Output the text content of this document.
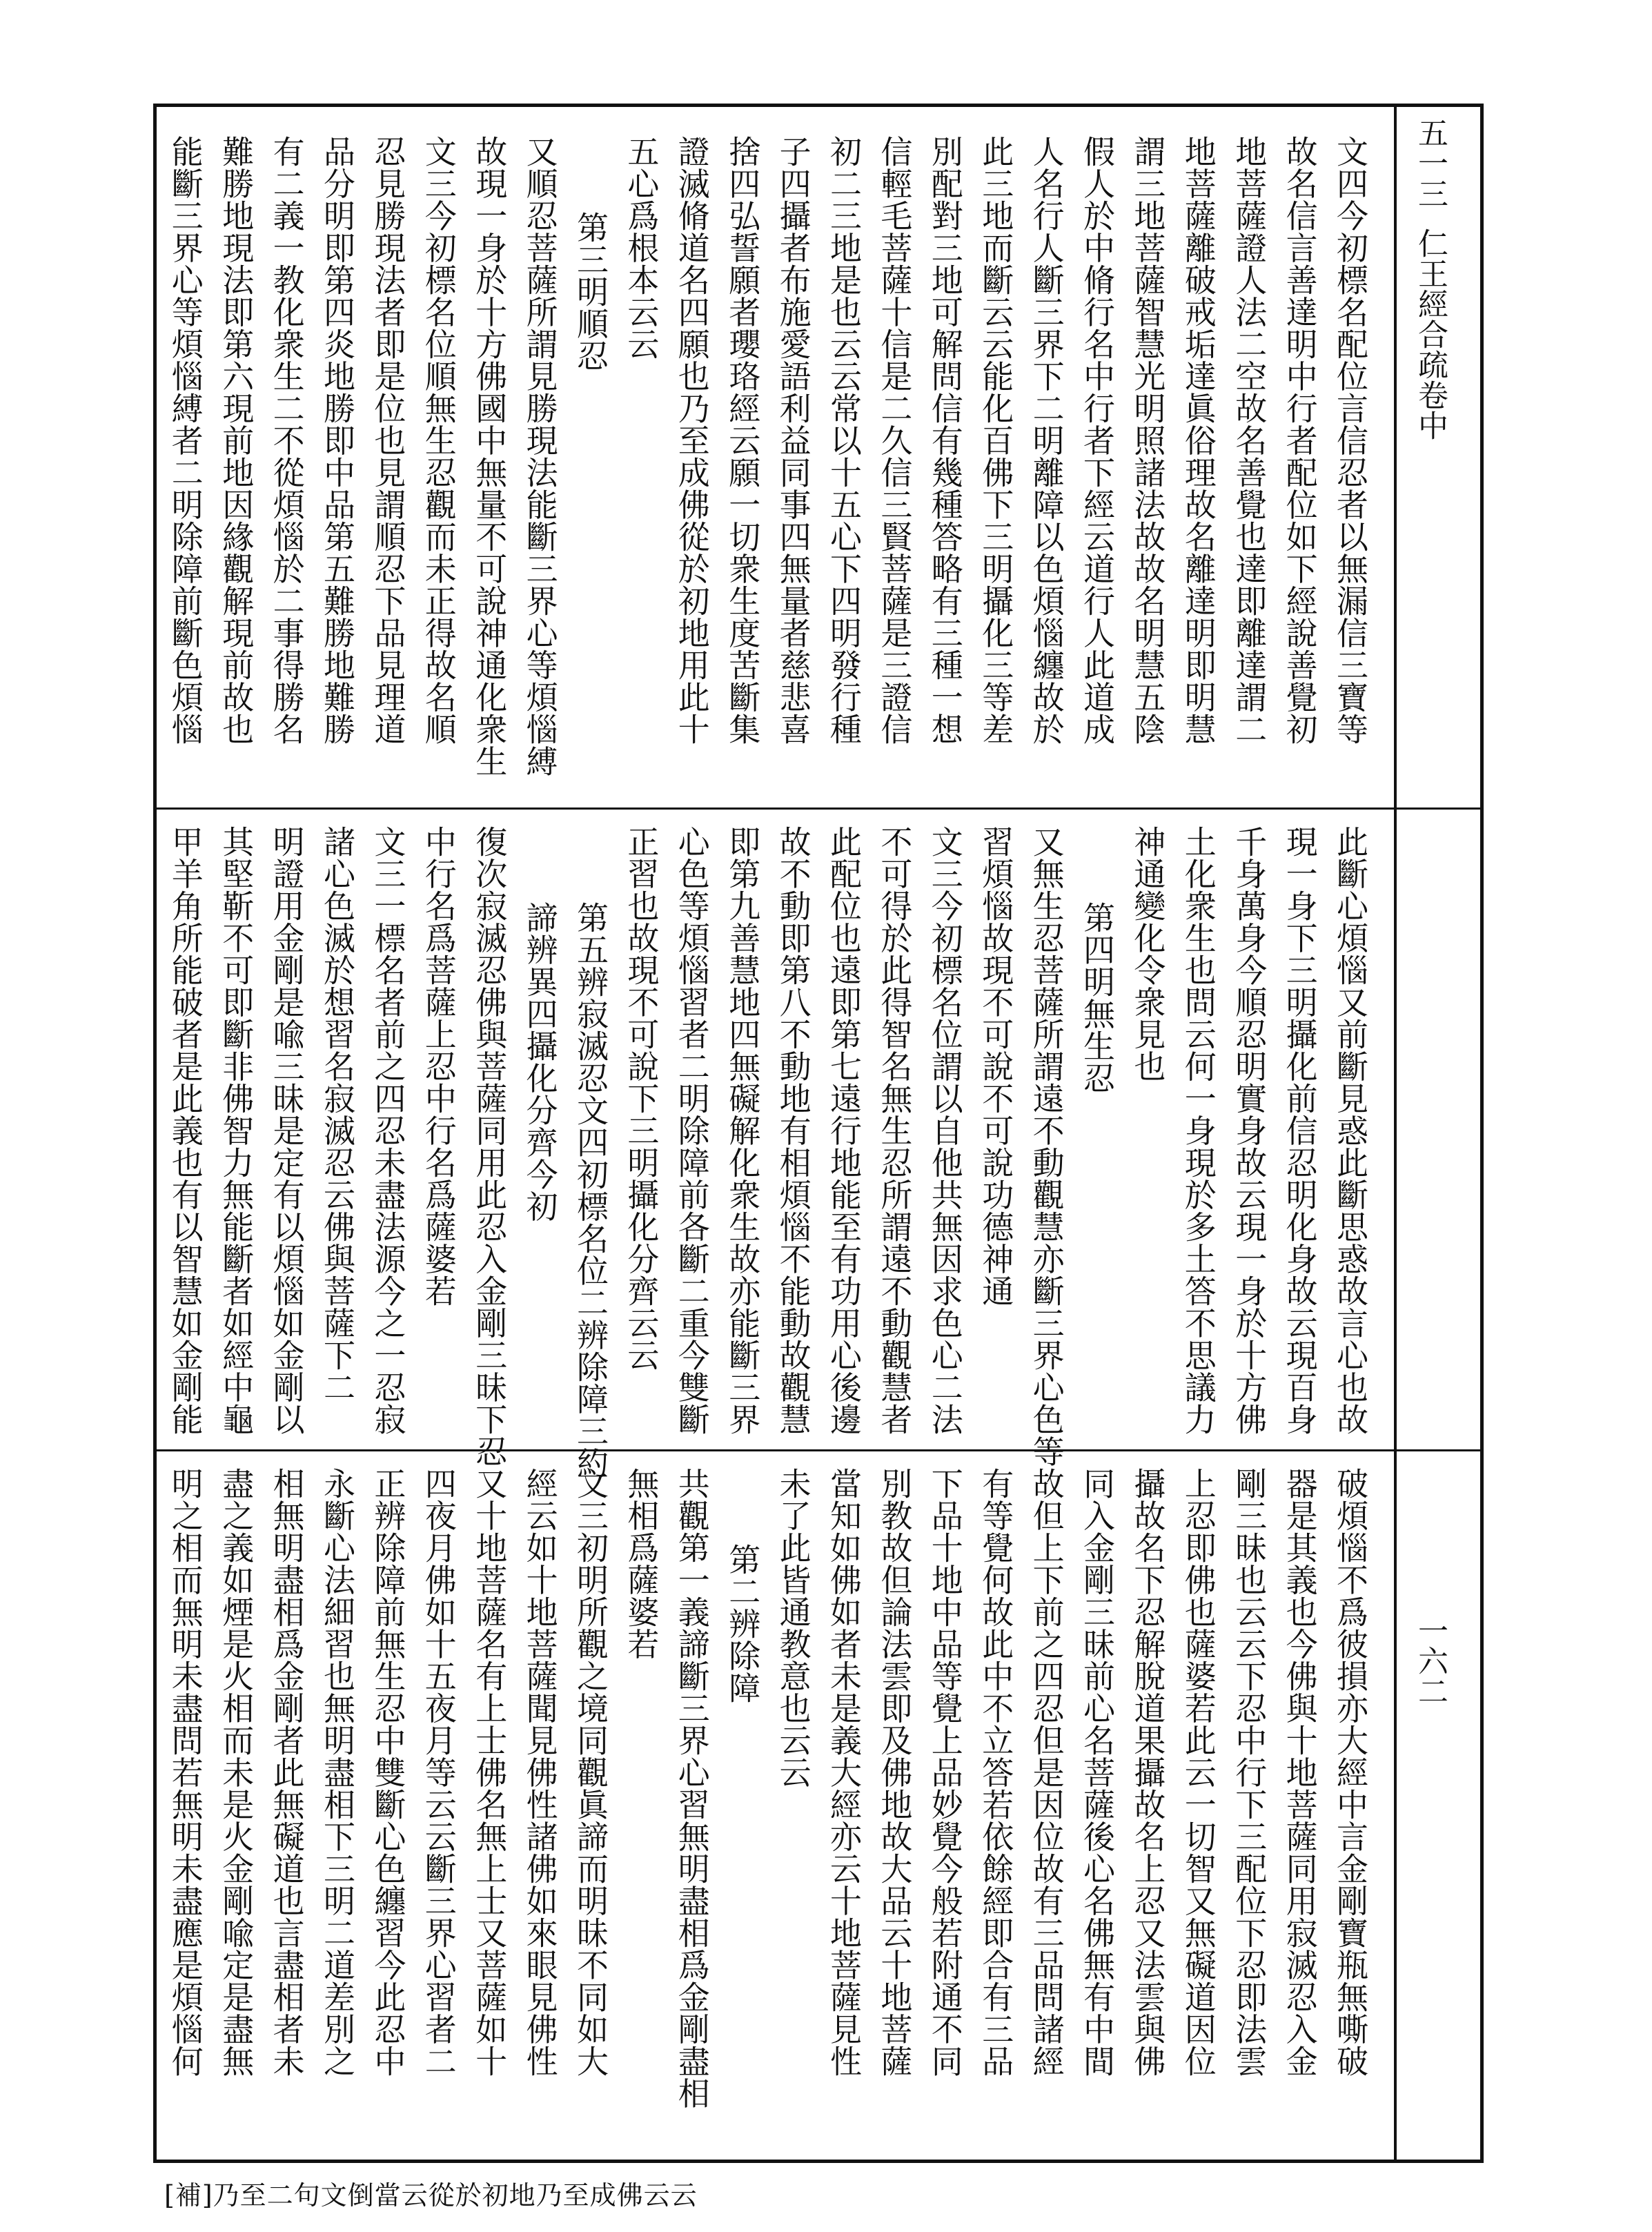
五一三
仁王經合疏卷中
一六二
文四今初標名配位言信忍者以無漏信三寶等
故名信言善達明中行者配位如下經說善覺初
地菩薩證人法二空故名善覺也達即離達謂二
地菩薩離破戒垢達眞俗理故名離達明即明慧
謂三地菩薩智慧光明照諸法故故名明慧五陰
假人於中脩行名中行者下經云道行人此道成
人名行人斷三界下二明離障以色煩惱纏故於
此三地而斷云云能化百佛下三明攝化三等差
別配對三地可解問信有幾種答略有三種一想
信輕毛菩薩十信是二久信三賢菩薩是三證信
初二三地是也云云常以十五心下四明發行種
子四攝者布施愛語利益同事四無量者慈悲喜
捨四弘誓願者瓔珞經云願一切衆生度苦斷集
證滅脩道名四願也乃至成佛從於初地用此十
五心爲根本云云
第三明順忍
又順忍菩薩所謂見勝現法能斷三界心等煩惱縛
故現一身於十方佛國中無量不可說神通化衆生
文三今初標名位順無生忍觀而未正得故名順
忍見勝現法者即是位也見謂順忍下品見理道
品分明即第四炎地勝即中品第五難勝地難勝
有二義一教化衆生二不從煩惱於二事得勝名
難勝地現法即第六現前地因緣觀解現前故也
能斷三界心等煩惱縛者二明除障前斷色煩惱
此斷心煩惱又前斷見惑此斷思惑故言心也故
現一身下三明攝化前信忍明化身故云現百身
千身萬身今順忍明實身故云現一身於十方佛
土化衆生也問云何一身現於多土答不思議力
神通變化令衆見也
第四明無生忍
又無生忍菩薩所謂遠不動觀慧亦斷三界心色等
習煩惱故現不可說不可說功德神通
文三今初標名位謂以自他共無因求色心二法
不可得於此得智名無生忍所謂遠不動觀慧者
此配位也遠即第七遠行地能至有功用心後邊
故不動即第八不動地有相煩惱不能動故觀慧
即第九善慧地四無礙解化衆生故亦能斷三界
心色等煩惱習者二明除障前各斷二重今雙斷
正習也故現不可說下三明攝化分齊云云
第五辨寂滅忍文四初標名位二辨除障三約
諦辨異四攝化分齊今初
復次寂滅忍佛與菩薩同用此忍入金剛三昧下忍
中行名爲菩薩上忍中行名爲薩婆若
文三一標名者前之四忍未盡法源今之一忍寂
諸心色滅於想習名寂滅忍云佛與菩薩下二
明證用金剛是喩三昧是定有以煩惱如金剛以
其堅靳不可即斷非佛智力無能斷者如經中龜
甲羊角所能破者是此義也有以智慧如金剛能
破煩惱不爲彼損亦大經中言金剛寶瓶無嘶破
器是其義也今佛與十地菩薩同用寂滅忍入金
剛三昧也云云下忍中行下三配位下忍即法雲
上忍即佛也薩婆若此云一切智又無礙道因位
攝故名下忍解脫道果攝故名上忍又法雲與佛
同入金剛三昧前心名菩薩後心名佛無有中間
故但上下前之四忍但是因位故有三品問諸經
有等覺何故此中不立答若依餘經即合有三品
下品十地中品等覺上品妙覺今般若附通不同
別教故但論法雲即及佛地故大品云十地菩薩
當知如佛如者未是義大經亦云十地菩薩見性
未了此皆通教意也云云
第二辨除障
共觀第一義諦斷三界心習無明盡相爲金剛盡相
無相爲薩婆若
文三初明所觀之境同觀眞諦而明昧不同如大
經云如十地菩薩聞見佛性諸佛如來眼見佛性
又十地菩薩名有上士佛名無上士又菩薩如十
四夜月佛如十五夜月等云云斷三界心習者二
正辨除障前無生忍中雙斷心色纏習今此忍中
永斷心法細習也無明盡相下三明二道差別之
相無明盡相爲金剛者此無礙道也言盡相者未
盡之義如煙是火相而未是火金剛喩定是盡無
明之相而無明未盡問若無明未盡應是煩惱何
[補]乃至二句文倒當云從於初地乃至成佛云云
